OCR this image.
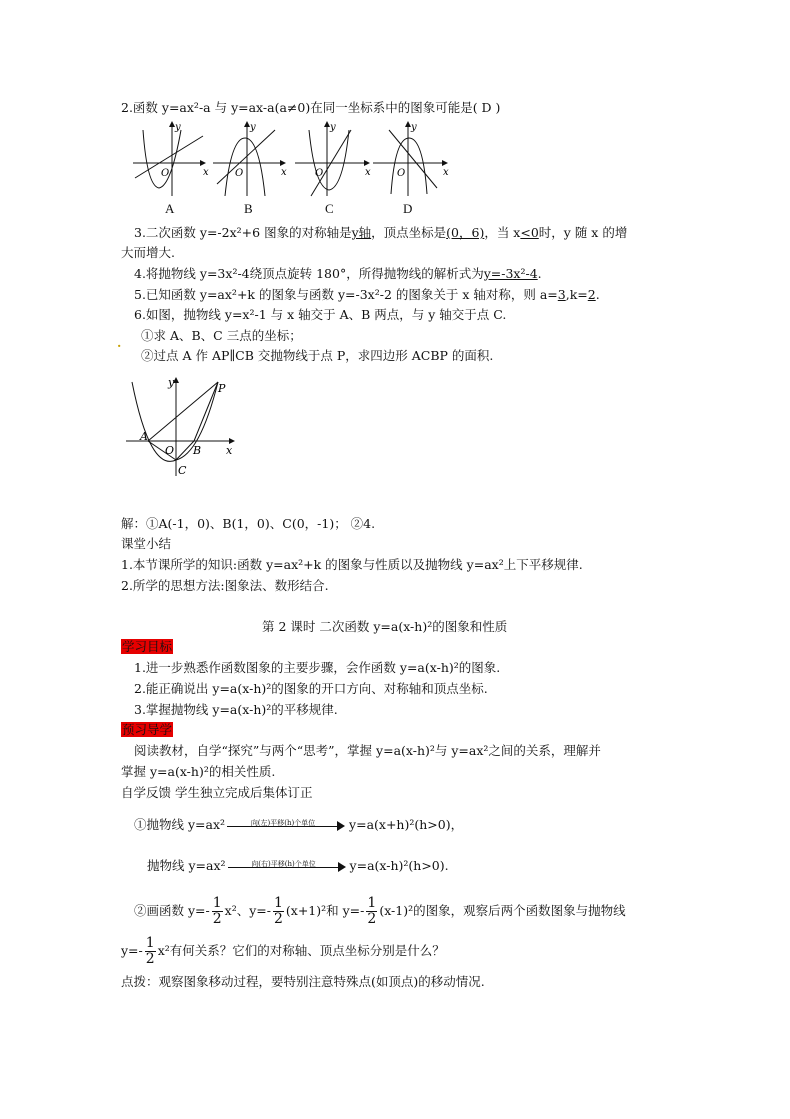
2.函数 y=ax²-a 与 y=ax-a(a≠0)在同一坐标系中的图象可能是( D )
y
x
O
y
x
O
y
x
O
y
x
O
A	B	C	D
3.二次函数 y=-2x²+6 图象的对称轴是y轴，顶点坐标是(0，6)，当 x<0时，y 随 x 的增
大而增大.
4.将抛物线 y=3x²-4绕顶点旋转 180°，所得抛物线的解析式为y=-3x²-4.
5.已知函数 y=ax²+k 的图象与函数 y=-3x²-2 的图象关于 x 轴对称，则 a=3,k=2.
6.如图，抛物线 y=x²-1 与 x 轴交于 A、B 两点，与 y 轴交于点 C.
①求 A、B、C 三点的坐标；
.
②过点 A 作 AP∥CB 交抛物线于点 P，求四边形 ACBP 的面积.
y
x
A
O B
C
P
解：①A(-1，0)、B(1，0)、C(0，-1)； ②4.
课堂小结
1.本节课所学的知识:函数 y=ax²+k 的图象与性质以及抛物线 y=ax²上下平移规律.
2.所学的思想方法:图象法、数形结合.
第 2 课时 二次函数 y=a(x-h)²的图象和性质
学习目标
1.进一步熟悉作函数图象的主要步骤，会作函数 y=a(x-h)²的图象.
2.能正确说出 y=a(x-h)²的图象的开口方向、对称轴和顶点坐标.
3.掌握抛物线 y=a(x-h)²的平移规律.
预习导学
阅读教材，自学“探究”与两个“思考”，掌握 y=a(x-h)²与 y=ax²之间的关系，理解并
掌握 y=a(x-h)²的相关性质.
自学反馈 学生独立完成后集体订正
①抛物线 y=ax²	向(左)平移(h)个单位	y=a(x+h)²(h>0)，
抛物线 y=ax²	向(右)平移(h)个单位	y=a(x-h)²(h>0).
②画函数 $y=- \frac{1}{2} x^2$、$y=- \frac{1}{2} (x+1)^2$和 $y=- \frac{1}{2} (x-1)^2$的图象，观察后两个函数图象与抛物线
$y=- \frac{1}{2} x^2$有何关系？它们的对称轴、顶点坐标分别是什么？
点拨：观察图象移动过程，要特别注意特殊点(如顶点)的移动情况.
